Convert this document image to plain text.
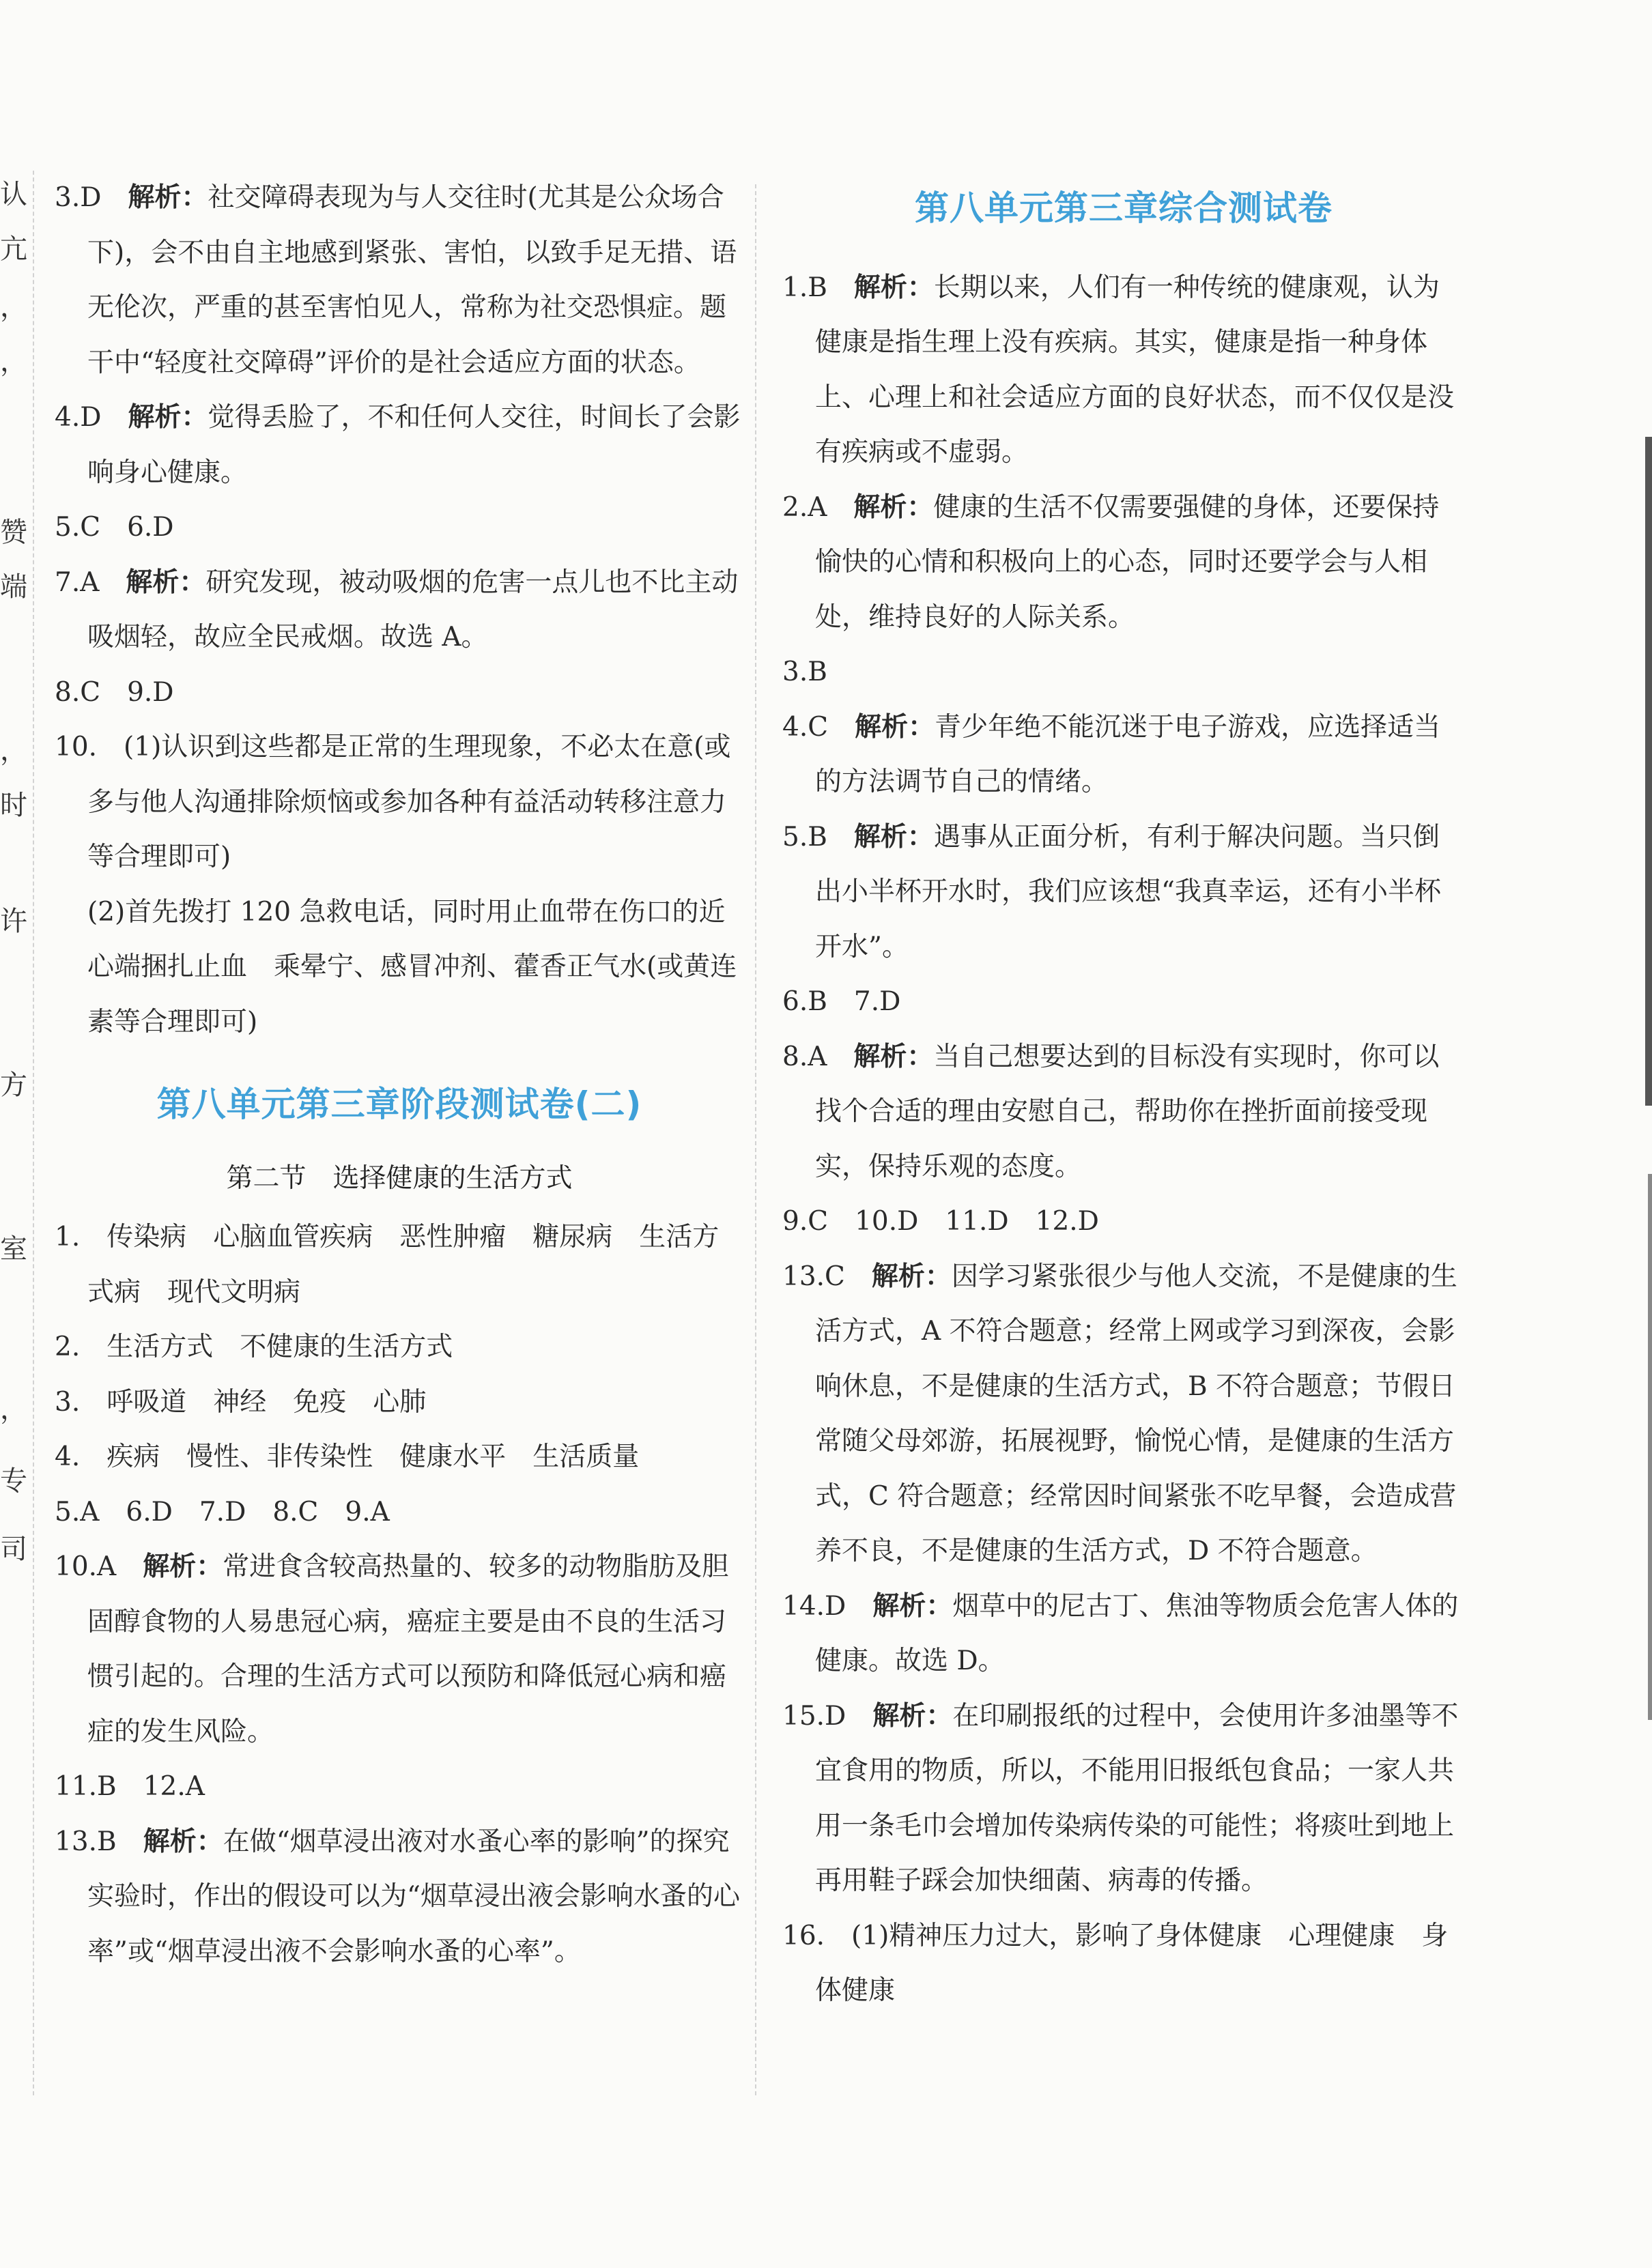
认
亢
，
，
赞
端
，
时
许
方
室
，
专
司
3.D　 解析：社交障碍表现为与人交往时(尤其是公众场合下)，会不由自主地感到紧张、害怕，以致手足无措、语无伦次，严重的甚至害怕见人，常称为社交恐惧症。题干中“轻度社交障碍”评价的是社会适应方面的状态。
4.D　 解析：觉得丢脸了，不和任何人交往，时间长了会影响身心健康。
5.C　 6.D
7.A　 解析：研究发现，被动吸烟的危害一点儿也不比主动吸烟轻，故应全民戒烟。故选 A。
8.C　 9.D
10.　 (1)认识到这些都是正常的生理现象，不必太在意(或多与他人沟通排除烦恼或参加各种有益活动转移注意力等合理即可)
(2)首先拨打 120 急救电话，同时用止血带在伤口的近心端捆扎止血　乘晕宁、感冒冲剂、藿香正气水(或黄连素等合理即可)
第八单元第三章阶段测试卷(二)
第二节　选择健康的生活方式
1.　 传染病　心脑血管疾病　恶性肿瘤　糖尿病　生活方式病　现代文明病
2.　 生活方式　不健康的生活方式
3.　 呼吸道　神经　免疫　心肺
4.　 疾病　慢性、非传染性　健康水平　生活质量
5.A　 6.D　7.D　8.C　9.A
10.A　 解析：常进食含较高热量的、较多的动物脂肪及胆固醇食物的人易患冠心病，癌症主要是由不良的生活习惯引起的。合理的生活方式可以预防和降低冠心病和癌症的发生风险。
11.B　 12.A
13.B　 解析：在做“烟草浸出液对水蚤心率的影响”的探究实验时，作出的假设可以为“烟草浸出液会影响水蚤的心率”或“烟草浸出液不会影响水蚤的心率”。
第八单元第三章综合测试卷
1.B　 解析：长期以来，人们有一种传统的健康观，认为健康是指生理上没有疾病。其实，健康是指一种身体上、心理上和社会适应方面的良好状态，而不仅仅是没有疾病或不虚弱。
2.A　 解析：健康的生活不仅需要强健的身体，还要保持愉快的心情和积极向上的心态，同时还要学会与人相处，维持良好的人际关系。
3.B
4.C　 解析：青少年绝不能沉迷于电子游戏，应选择适当的方法调节自己的情绪。
5.B　 解析：遇事从正面分析，有利于解决问题。当只倒出小半杯开水时，我们应该想“我真幸运，还有小半杯开水”。
6.B　 7.D
8.A　 解析：当自己想要达到的目标没有实现时，你可以找个合适的理由安慰自己，帮助你在挫折面前接受现实，保持乐观的态度。
9.C　 10.D　11.D　12.D
13.C　 解析：因学习紧张很少与他人交流，不是健康的生活方式，A 不符合题意；经常上网或学习到深夜，会影响休息，不是健康的生活方式，B 不符合题意；节假日常随父母郊游，拓展视野，愉悦心情，是健康的生活方式，C 符合题意；经常因时间紧张不吃早餐，会造成营养不良，不是健康的生活方式，D 不符合题意。
14.D　 解析：烟草中的尼古丁、焦油等物质会危害人体的健康。故选 D。
15.D　 解析：在印刷报纸的过程中，会使用许多油墨等不宜食用的物质，所以，不能用旧报纸包食品；一家人共用一条毛巾会增加传染病传染的可能性；将痰吐到地上再用鞋子踩会加快细菌、病毒的传播。
16.　 (1)精神压力过大，影响了身体健康　心理健康　身体健康
